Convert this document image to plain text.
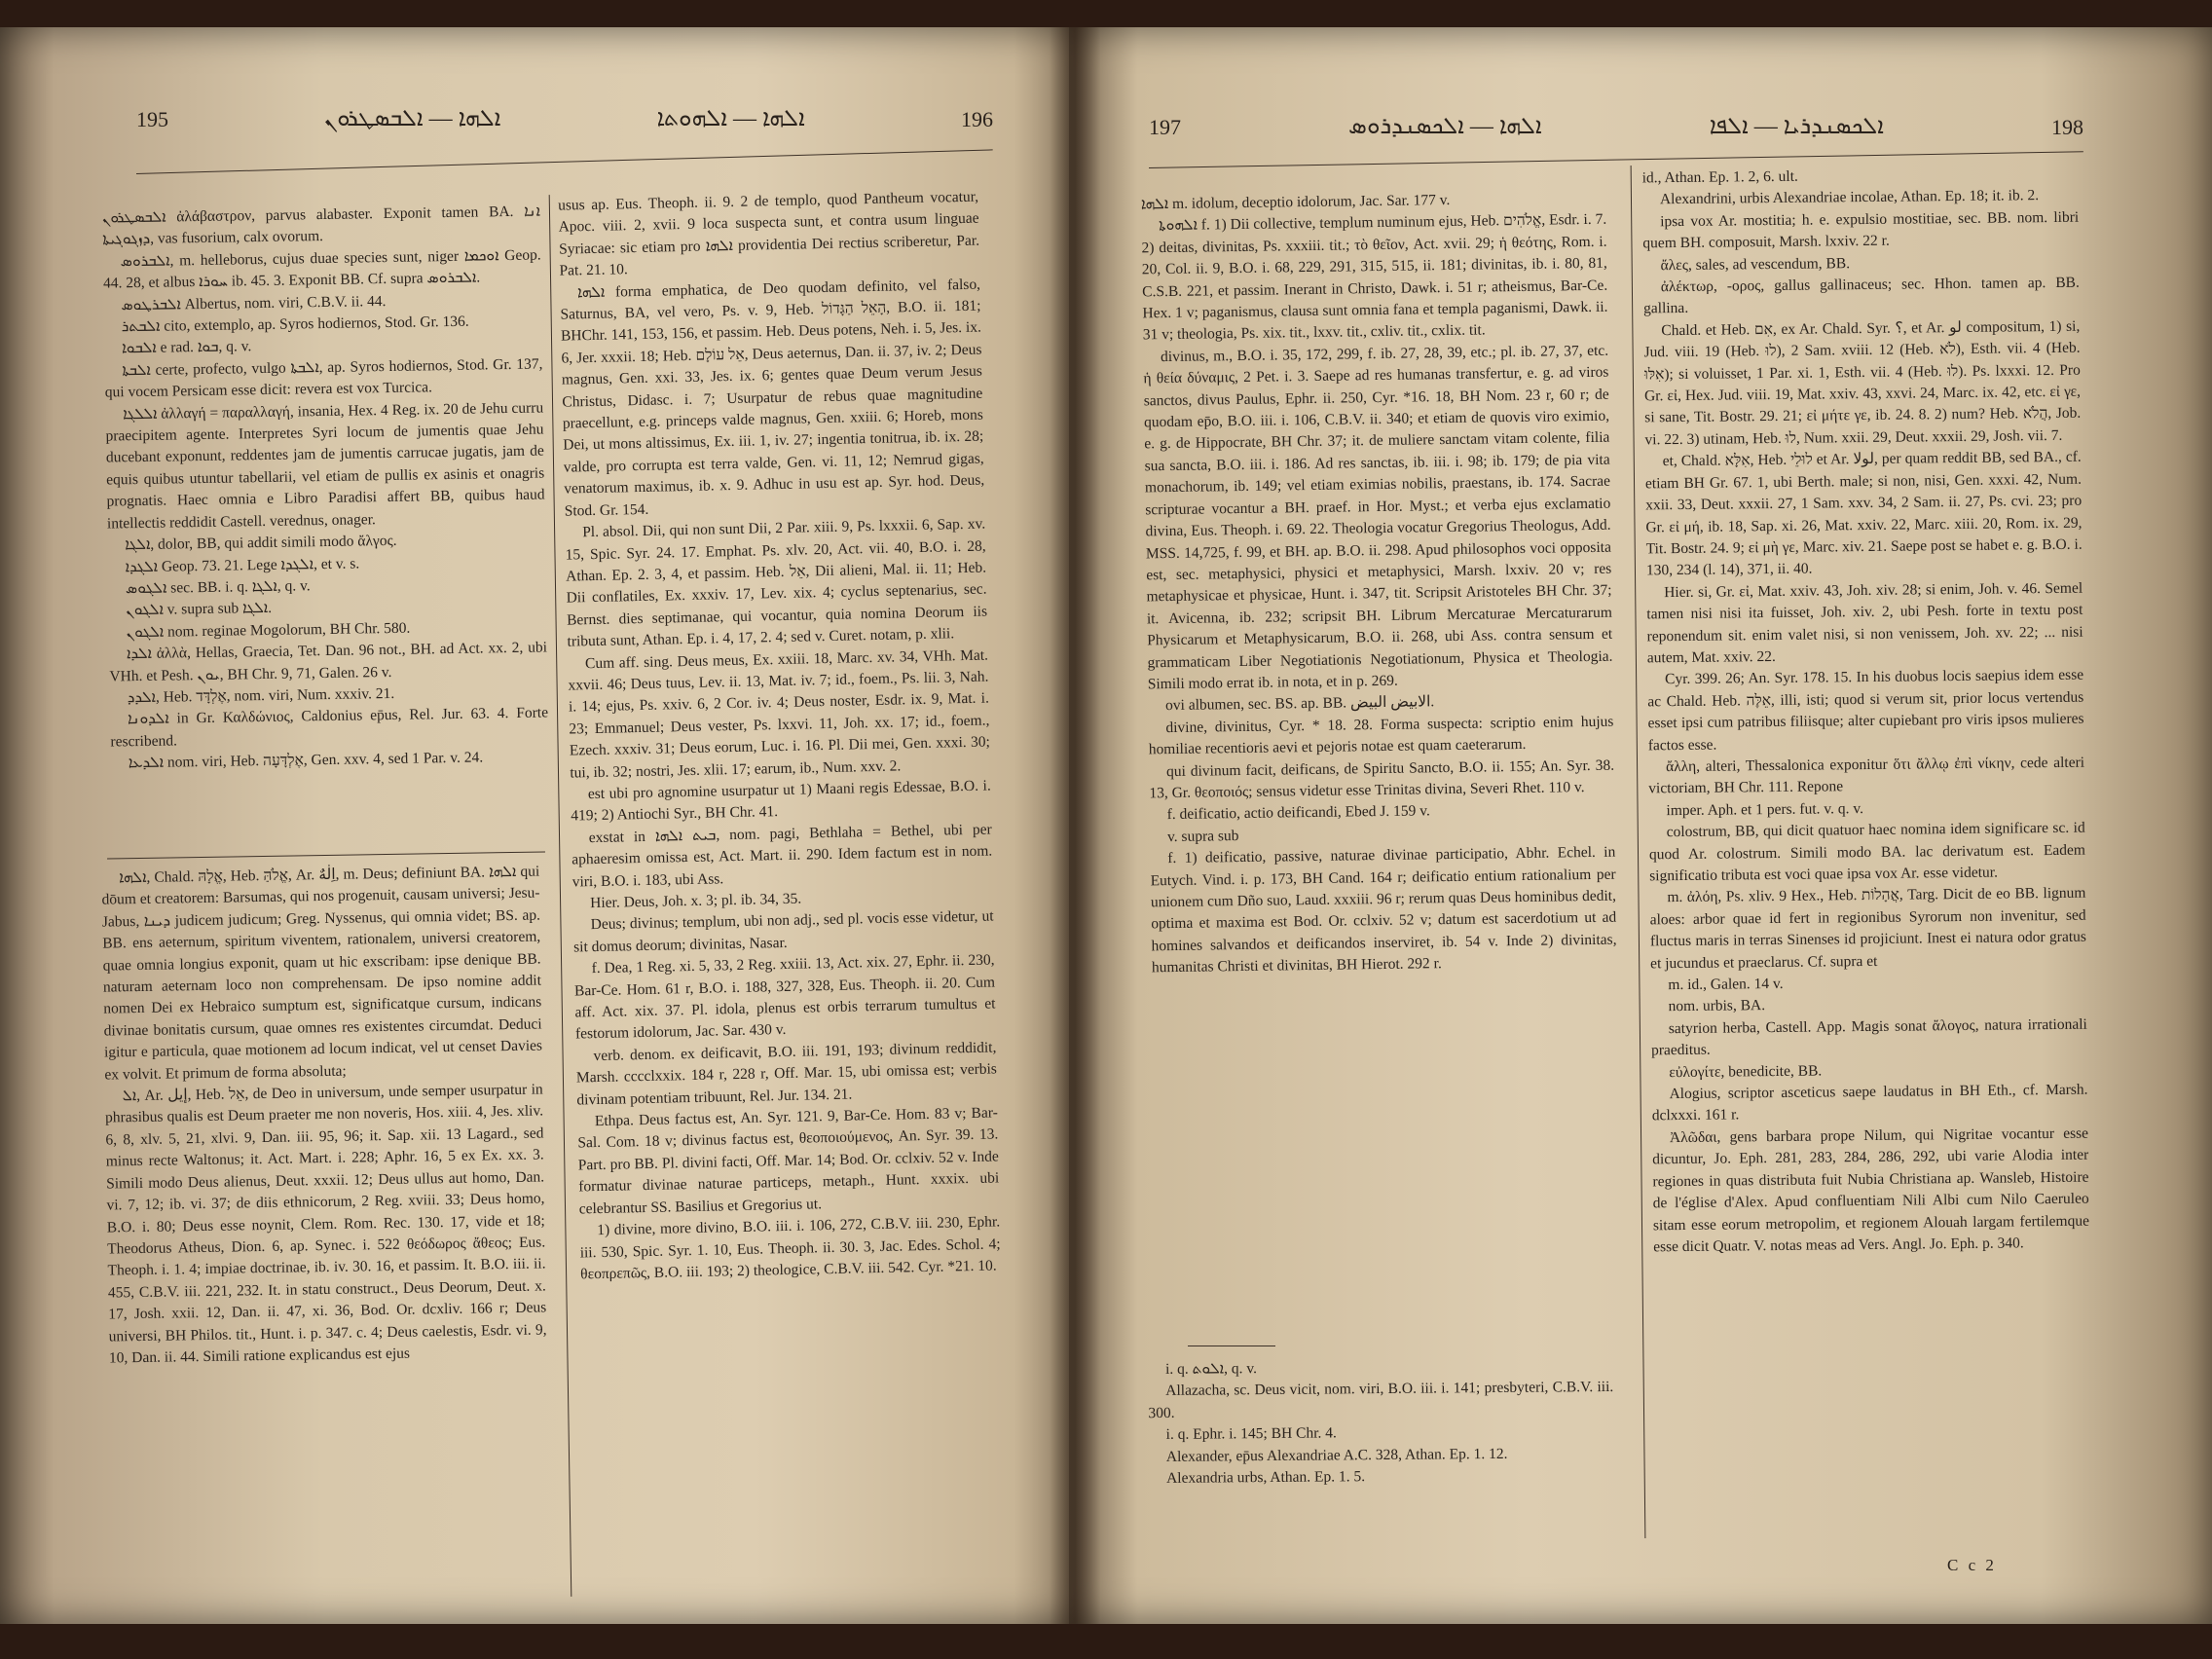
195	ܐܠܗܐ — ܐܠܒܣܛܪܘܢ	ܐܠܗܐ — ܐܠܗܘܬܐ	196

ܐܠܒܣܛܪܘܢ ἀλάβαστρον, parvus alabaster. Exponit tamen BA. ܐܢܐ ܕܙܓܘܓܝܬܐ, vas fusorium, calx ovorum.

ܐܠܒܪܘܣ, m. helleborus, cujus duae species sunt, niger ܐܘܟܡܐ Geop. 44. 28, et albus ܚܘܪܐ ib. 45. 3. Exponit BB. Cf. supra ܐܠܒܪܘܣ.

ܐܠܒܪܛܘܣ Albertus, nom. viri, C.B.V. ii. 44.

ܐܠܒܬܪ cito, extemplo, ap. Syros hodiernos, Stod. Gr. 136.

ܐܠܒܘܐ e rad. ܒܘܐ, q. v.

ܐܠܒܬܐ certe, profecto, vulgo ܐܠܒܬܐ, ap. Syros hodiernos, Stod. Gr. 137, qui vocem Persicam esse dicit: revera est vox Turcica.

ܐܠܠܓܐ ἀλλαγή = παραλλαγή, insania, Hex. 4 Reg. ix. 20 de Jehu curru praecipitem agente. Interpretes Syri locum de jumentis quae Jehu ducebant exponunt, reddentes jam de jumentis carrucae jugatis, jam de equis quibus utuntur tabellarii, vel etiam de pullis ex asinis et onagris prognatis. Haec omnia e Libro Paradisi affert BB, quibus haud intellectis reddidit Castell. verednus, onager.

ܐܠܓܐ, dolor, BB, qui addit simili modo ἄλγος.

ܐܠܓܕܐ Geop. 73. 21. Lege ܐܠܓܕܐ, et v. s.

ܐܠܓܘܣ sec. BB. i. q. ܐܠܓܐ, q. v.

ܐܠܓܘܢ v. supra sub ܐܠܓܐ.

ܐܠܓܘܢ nom. reginae Mogolorum, BH Chr. 580.

ܐܠܕܐ ἀλλὰ, Hellas, Graecia, Tet. Dan. 96 not., BH. ad Act. xx. 2, ubi VHh. et Pesh. ܝܘܢ, BH Chr. 9, 71, Galen. 26 v.

ܐܠܕܕ, Heb. אֶלְדָּד, nom. viri, Num. xxxiv. 21.

ܐܠܕܘܢܐ in Gr. Καλδώνιος, Caldonius ep̄us, Rel. Jur. 63. 4. Forte rescribend.

ܐܠܕܥܐ nom. viri, Heb. אֶלְדָּעָה, Gen. xxv. 4, sed 1 Par. v. 24.

ܐܠܗܐ, Chald. אֱלָהּ, Heb. אֱלֹהַּ, Ar. اِلٰهٌ, m. Deus; definiunt BA. ܐܠܗܐ qui dōum et creatorem: Barsumas, qui nos progenuit, causam universi; Jesu-Jabus, ܕܝܢܐ judicem judicum; Greg. Nyssenus, qui omnia videt; BS. ap. BB. ens aeternum, spiritum viventem, rationalem, universi creatorem, quae omnia longius exponit, quam ut hic exscribam: ipse denique BB. naturam aeternam loco non comprehensam. De ipso nomine addit nomen Dei ex Hebraico sumptum est, significatque cursum, indicans divinae bonitatis cursum, quae omnes res existentes circumdat. Deduci igitur e particula, quae motionem ad locum indicat, vel ut censet Davies ex volvit. Et primum de forma absoluta;

ܐܠ, Ar. إيل, Heb. אֵל, de Deo in universum, unde semper usurpatur in phrasibus qualis est Deum praeter me non noveris, Hos. xiii. 4, Jes. xliv. 6, 8, xlv. 5, 21, xlvi. 9, Dan. iii. 95, 96; it. Sap. xii. 13 Lagard., sed minus recte Waltonus; it. Act. Mart. i. 228; Aphr. 16, 5 ex Ex. xx. 3. Simili modo Deus alienus, Deut. xxxii. 12; Deus ullus aut homo, Dan. vi. 7, 12; ib. vi. 37; de diis ethnicorum, 2 Reg. xviii. 33; Deus homo, B.O. i. 80; Deus esse noynit, Clem. Rom. Rec. 130. 17, vide et 18; Theodorus Atheus, Dion. 6, ap. Synec. i. 522 θεόδωρος ἄθεος; Eus. Theoph. i. 1. 4; impiae doctrinae, ib. iv. 30. 16, et passim. It. B.O. iii. ii. 455, C.B.V. iii. 221, 232. It. in statu construct., Deus Deorum, Deut. x. 17, Josh. xxii. 12, Dan. ii. 47, xi. 36, Bod. Or. dcxliv. 166 r; Deus universi, BH Philos. tit., Hunt. i. p. 347. c. 4; Deus caelestis, Esdr. vi. 9, 10, Dan. ii. 44. Simili ratione explicandus est ejus

usus ap. Eus. Theoph. ii. 9. 2 de templo, quod Pantheum vocatur, Apoc. viii. 2, xvii. 9 loca suspecta sunt, et contra usum linguae Syriacae: sic etiam pro ܐܠܗܐ providentia Dei rectius scriberetur, Par. Pat. 21. 10.

ܐܠܗܐ forma emphatica, de Deo quodam definito, vel falso, Saturnus, BA, vel vero, Ps. v. 9, Heb. הָאֵל הַגָּדוֹל, B.O. ii. 181; BHChr. 141, 153, 156, et passim. Heb. Deus potens, Neh. i. 5, Jes. ix. 6, Jer. xxxii. 18; Heb. אֵל עוֹלָם, Deus aeternus, Dan. ii. 37, iv. 2; Deus magnus, Gen. xxi. 33, Jes. ix. 6; gentes quae Deum verum Jesus Christus, Didasc. i. 7; Usurpatur de rebus quae magnitudine praecellunt, e.g. princeps valde magnus, Gen. xxiii. 6; Horeb, mons Dei, ut mons altissimus, Ex. iii. 1, iv. 27; ingentia tonitrua, ib. ix. 28; valde, pro corrupta est terra valde, Gen. vi. 11, 12; Nemrud gigas, venatorum maximus, ib. x. 9. Adhuc in usu est ap. Syr. hod. Deus, Stod. Gr. 154.

Pl. absol. Dii, qui non sunt Dii, 2 Par. xiii. 9, Ps. lxxxii. 6, Sap. xv. 15, Spic. Syr. 24. 17. Emphat. Ps. xlv. 20, Act. vii. 40, B.O. i. 28, Athan. Ep. 2. 3, 4, et passim. Heb. אֵל, Dii alieni, Mal. ii. 11; Heb. Dii conflatiles, Ex. xxxiv. 17, Lev. xix. 4; cyclus septenarius, sec. Bernst. dies septimanae, qui vocantur, quia nomina Deorum iis tributa sunt, Athan. Ep. i. 4, 17, 2. 4; sed v. Curet. notam, p. xlii.

Cum aff. sing. Deus meus, Ex. xxiii. 18, Marc. xv. 34, VHh. Mat. xxvii. 46; Deus tuus, Lev. ii. 13, Mat. iv. 7; id., foem., Ps. lii. 3, Nah. i. 14; ejus, Ps. xxiv. 6, 2 Cor. iv. 4; Deus noster, Esdr. ix. 9, Mat. i. 23; Emmanuel; Deus vester, Ps. lxxvi. 11, Joh. xx. 17; id., foem., Ezech. xxxiv. 31; Deus eorum, Luc. i. 16. Pl. Dii mei, Gen. xxxi. 30; tui, ib. 32; nostri, Jes. xlii. 17; earum, ib., Num. xxv. 2.

est ubi pro agnomine usurpatur ut 1) Maani regis Edessae, B.O. i. 419; 2) Antiochi Syr., BH Chr. 41.

exstat in ܒܝܬ ܐܠܗܐ, nom. pagi, Bethlaha = Bethel, ubi per aphaeresim omissa est, Act. Mart. ii. 290. Idem factum est in nom. viri, B.O. i. 183, ubi Ass.

Hier. Deus, Joh. x. 3; pl. ib. 34, 35.

Deus; divinus; templum, ubi non adj., sed pl. vocis esse videtur, ut sit domus deorum; divinitas, Nasar.

f. Dea, 1 Reg. xi. 5, 33, 2 Reg. xxiii. 13, Act. xix. 27, Ephr. ii. 230, Bar-Ce. Hom. 61 r, B.O. i. 188, 327, 328, Eus. Theoph. ii. 20. Cum aff. Act. xix. 37. Pl. idola, plenus est orbis terrarum tumultus et festorum idolorum, Jac. Sar. 430 v.

verb. denom. ex deificavit, B.O. iii. 191, 193; divinum reddidit, Marsh. cccclxxix. 184 r, 228 r, Off. Mar. 15, ubi omissa est; verbis divinam potentiam tribuunt, Rel. Jur. 134. 21.

Ethpa. Deus factus est, An. Syr. 121. 9, Bar-Ce. Hom. 83 v; Bar-Sal. Com. 18 v; divinus factus est, θεοποιούμενος, An. Syr. 39. 13. Part. pro BB. Pl. divini facti, Off. Mar. 14; Bod. Or. cclxiv. 52 v. Inde formatur divinae naturae particeps, metaph., Hunt. xxxix. ubi celebrantur SS. Basilius et Gregorius ut.

1) divine, more divino, B.O. iii. i. 106, 272, C.B.V. iii. 230, Ephr. iii. 530, Spic. Syr. 1. 10, Eus. Theoph. ii. 30. 3, Jac. Edes. Schol. 4; θεοπρεπῶς, B.O. iii. 193; 2) theologice, C.B.V. iii. 542. Cyr. *21. 10.

197	ܐܠܗܐ — ܐܠܟܣܢܕܪܘܣ	ܐܠܟܣܢܕܪܝܐ — ܐܠܦܐ	198

ܐܠܗܐ m. idolum, deceptio idolorum, Jac. Sar. 177 v.

ܐܠܗܘܬܐ f. 1) Dii collective, templum numinum ejus, Heb. אֱלֹהִים, Esdr. i. 7. 2) deitas, divinitas, Ps. xxxiii. tit.; τὸ θεῖον, Act. xvii. 29; ἡ θεότης, Rom. i. 20, Col. ii. 9, B.O. i. 68, 229, 291, 315, 515, ii. 181; divinitas, ib. i. 80, 81, C.S.B. 221, et passim. Inerant in Christo, Dawk. i. 51 r; atheismus, Bar-Ce. Hex. 1 v; paganismus, clausa sunt omnia fana et templa paganismi, Dawk. ii. 31 v; theologia, Ps. xix. tit., lxxv. tit., cxliv. tit., cxlix. tit.

divinus, m., B.O. i. 35, 172, 299, f. ib. 27, 28, 39, etc.; pl. ib. 27, 37, etc. ἡ θεία δύναμις, 2 Pet. i. 3. Saepe ad res humanas transfertur, e. g. ad viros sanctos, divus Paulus, Ephr. ii. 250, Cyr. *16. 18, BH Nom. 23 r, 60 r; de quodam ep̄o, B.O. iii. i. 106, C.B.V. ii. 340; et etiam de quovis viro eximio, e. g. de Hippocrate, BH Chr. 37; it. de muliere sanctam vitam colente, filia sua sancta, B.O. iii. i. 186. Ad res sanctas, ib. iii. i. 98; ib. 179; de pia vita monachorum, ib. 149; vel etiam eximias nobilis, praestans, ib. 174. Sacrae scripturae vocantur a BH. praef. in Hor. Myst.; et verba ejus exclamatio divina, Eus. Theoph. i. 69. 22. Theologia vocatur Gregorius Theologus, Add. MSS. 14,725, f. 99, et BH. ap. B.O. ii. 298. Apud philosophos voci opposita est, sec. metaphysici, physici et metaphysici, Marsh. lxxiv. 20 v; res metaphysicae et physicae, Hunt. i. 347, tit. Scripsit Aristoteles BH Chr. 37; it. Avicenna, ib. 232; scripsit BH. Librum Mercaturae Mercaturarum Physicarum et Metaphysicarum, B.O. ii. 268, ubi Ass. contra sensum et grammaticam Liber Negotiationis Negotiationum, Physica et Theologia. Simili modo errat ib. in nota, et in p. 269.

ovi albumen, sec. BS. ap. BB. الابيض البيض.

divine, divinitus, Cyr. * 18. 28. Forma suspecta: scriptio enim hujus homiliae recentioris aevi et pejoris notae est quam caeterarum.

qui divinum facit, deificans, de Spiritu Sancto, B.O. ii. 155; An. Syr. 38. 13, Gr. θεοποιός; sensus videtur esse Trinitas divina, Severi Rhet. 110 v.

f. deificatio, actio deificandi, Ebed J. 159 v.

v. supra sub

f. 1) deificatio, passive, naturae divinae participatio, Abhr. Echel. in Eutych. Vind. i. p. 173, BH Cand. 164 r; deificatio entium rationalium per unionem cum Dño suo, Laud. xxxiii. 96 r; rerum quas Deus hominibus dedit, optima et maxima est Bod. Or. cclxiv. 52 v; datum est sacerdotium ut ad homines salvandos et deificandos inserviret, ib. 54 v. Inde 2) divinitas, humanitas Christi et divinitas, BH Hierot. 292 r.

i. q. ܐܠܘܬ, q. v.

Allazacha, sc. Deus vicit, nom. viri, B.O. iii. i. 141; presbyteri, C.B.V. iii. 300.

i. q. Ephr. i. 145; BH Chr. 4.

Alexander, ep̄us Alexandriae A.C. 328, Athan. Ep. 1. 12.

Alexandria urbs, Athan. Ep. 1. 5.

id., Athan. Ep. 1. 2, 6. ult.

Alexandrini, urbis Alexandriae incolae, Athan. Ep. 18; it. ib. 2.

ipsa vox Ar. mostitia; h. e. expulsio mostitiae, sec. BB. nom. libri quem BH. composuit, Marsh. lxxiv. 22 r.

ἄλες, sales, ad vescendum, BB.

ἀλέκτωρ, -ορος, gallus gallinaceus; sec. Hhon. tamen ap. BB. gallina.

Chald. et Heb. אִם, ex Ar. Chald. Syr. ؟, et Ar. لو compositum, 1) si, Jud. viii. 19 (Heb. לוּ), 2 Sam. xviii. 12 (Heb. לֹא), Esth. vii. 4 (Heb. אִלּוּ); si voluisset, 1 Par. xi. 1, Esth. vii. 4 (Heb. לוּ). Ps. lxxxi. 12. Pro Gr. εἰ, Hex. Jud. viii. 19, Mat. xxiv. 43, xxvi. 24, Marc. ix. 42, etc. εἰ γε, si sane, Tit. Bostr. 29. 21; εἰ μήτε γε, ib. 24. 8. 2) num? Heb. הֲלֹא, Job. vi. 22. 3) utinam, Heb. לוּ, Num. xxii. 29, Deut. xxxii. 29, Josh. vii. 7.

et, Chald. אִלָּא, Heb. לוּלֵי et Ar. لولا, per quam reddit BB, sed BA., cf. etiam BH Gr. 67. 1, ubi Berth. male; si non, nisi, Gen. xxxi. 42, Num. xxii. 33, Deut. xxxii. 27, 1 Sam. xxv. 34, 2 Sam. ii. 27, Ps. cvi. 23; pro Gr. εἰ μή, ib. 18, Sap. xi. 26, Mat. xxiv. 22, Marc. xiii. 20, Rom. ix. 29, Tit. Bostr. 24. 9; εἰ μὴ γε, Marc. xiv. 21. Saepe post se habet e. g. B.O. i. 130, 234 (l. 14), 371, ii. 40.

Hier. si, Gr. εἰ, Mat. xxiv. 43, Joh. xiv. 28; si enim, Joh. v. 46. Semel tamen nisi nisi ita fuisset, Joh. xiv. 2, ubi Pesh. forte in textu post reponendum sit. enim valet nisi, si non venissem, Joh. xv. 22; ... nisi autem, Mat. xxiv. 22.

Cyr. 399. 26; An. Syr. 178. 15. In his duobus locis saepius idem esse ac Chald. Heb. אֵלֶּה, illi, isti; quod si verum sit, prior locus vertendus esset ipsi cum patribus filiisque; alter cupiebant pro viris ipsos mulieres factos esse.

ἄλλη, alteri, Thessalonica exponitur ὅτι ἄλλῳ ἐπὶ νίκην, cede alteri victoriam, BH Chr. 111. Repone

imper. Aph. et 1 pers. fut. v. q. v.

colostrum, BB, qui dicit quatuor haec nomina idem significare sc. id quod Ar. colostrum. Simili modo BA. lac derivatum est. Eadem significatio tributa est voci quae ipsa vox Ar. esse videtur.

m. ἀλόη, Ps. xliv. 9 Hex., Heb. אֲהָלוֹת, Targ. Dicit de eo BB. lignum aloes: arbor quae id fert in regionibus Syrorum non invenitur, sed fluctus maris in terras Sinenses id projiciunt. Inest ei natura odor gratus et jucundus et praeclarus. Cf. supra et

m. id., Galen. 14 v.

nom. urbis, BA.

satyrion herba, Castell. App. Magis sonat ἄλογος, natura irrationali praeditus.

εὐλογίτε, benedicite, BB.

Alogius, scriptor asceticus saepe laudatus in BH Eth., cf. Marsh. dclxxxi. 161 r.

Ἀλῶδαι, gens barbara prope Nilum, qui Nigritae vocantur esse dicuntur, Jo. Eph. 281, 283, 284, 286, 292, ubi varie Alodia inter regiones in quas distributa fuit Nubia Christiana ap. Wansleb, Histoire de l'église d'Alex. Apud confluentiam Nili Albi cum Nilo Caeruleo sitam esse eorum metropolim, et regionem Alouah largam fertilemque esse dicit Quatr. V. notas meas ad Vers. Angl. Jo. Eph. p. 340.

C c 2
